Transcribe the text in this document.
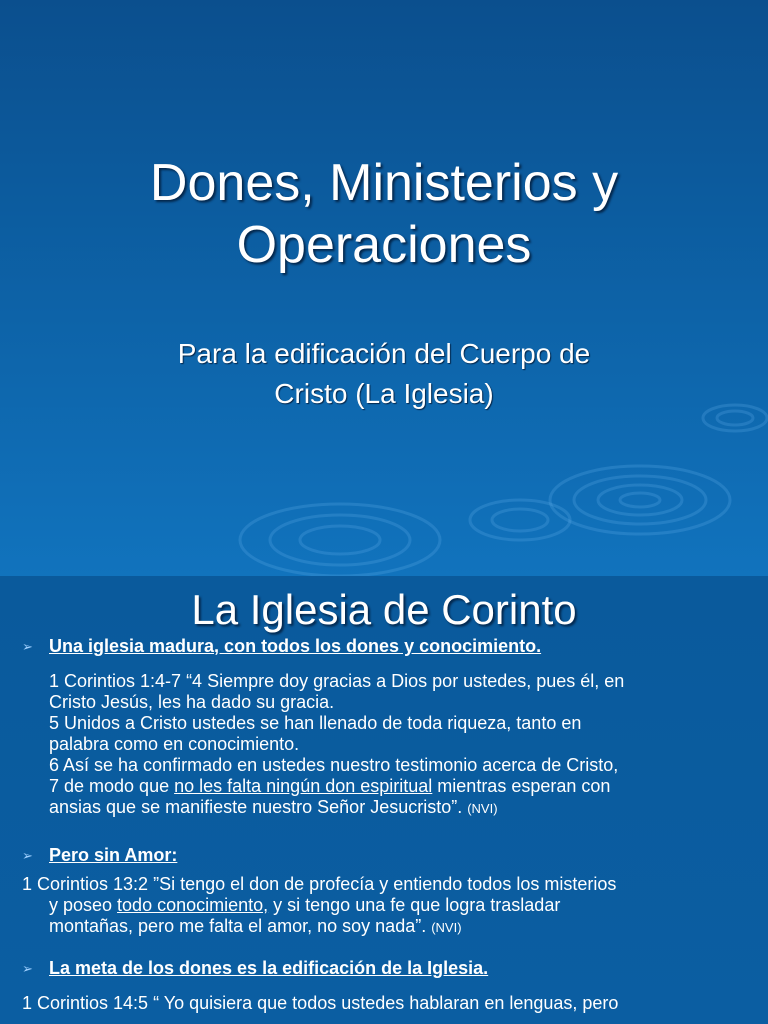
Dones, Ministerios y
Operaciones
Para la edificación del Cuerpo de
Cristo (La Iglesia)
La Iglesia de Corinto

➢ Una iglesia madura, con todos los dones y conocimiento.

1 Corintios 1:4-7 “4 Siempre doy gracias a Dios por ustedes, pues él, en
Cristo Jesús, les ha dado su gracia.
5 Unidos a Cristo ustedes se han llenado de toda riqueza, tanto en
palabra como en conocimiento.
6 Así se ha confirmado en ustedes nuestro testimonio acerca de Cristo,
7 de modo que no les falta ningún don espiritual mientras esperan con
ansias que se manifieste nuestro Señor Jesucristo”. (NVI)

➢ Pero sin Amor:

1 Corintios 13:2 ”Si tengo el don de profecía y entiendo todos los misterios
y poseo todo conocimiento, y si tengo una fe que logra trasladar
montañas, pero me falta el amor, no soy nada”. (NVI)

➢ La meta de los dones es la edificación de la Iglesia.

1 Corintios 14:5 “ Yo quisiera que todos ustedes hablaran en lenguas, pero
